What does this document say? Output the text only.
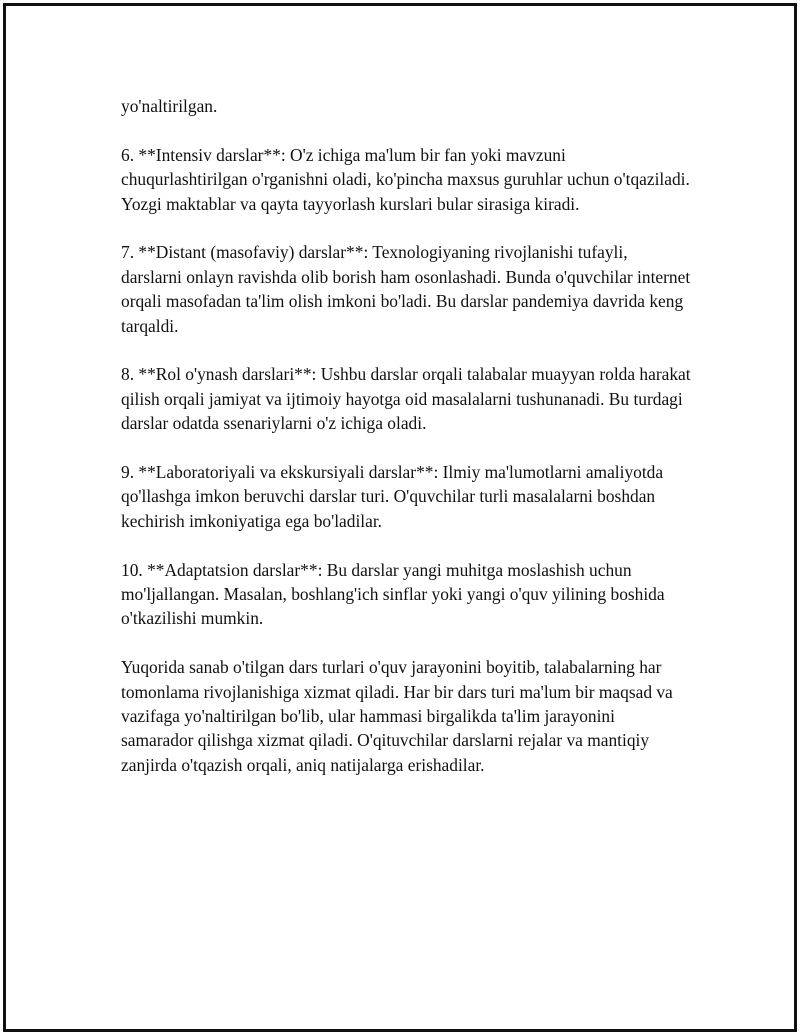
yo'naltirilgan.

6. **Intensiv darslar**: O'z ichiga ma'lum bir fan yoki mavzuni chuqurlashtirilgan o'rganishni oladi, ko'pincha maxsus guruhlar uchun o'tqaziladi. Yozgi maktablar va qayta tayyorlash kurslari bular sirasiga kiradi.

7. **Distant (masofaviy) darslar**: Texnologiyaning rivojlanishi tufayli, darslarni onlayn ravishda olib borish ham osonlashadi. Bunda o'quvchilar internet orqali masofadan ta'lim olish imkoni bo'ladi. Bu darslar pandemiya davrida keng tarqaldi.

8. **Rol o'ynash darslari**: Ushbu darslar orqali talabalar muayyan rolda harakat qilish orqali jamiyat va ijtimoiy hayotga oid masalalarni tushunanadi. Bu turdagi darslar odatda ssenariylarni o'z ichiga oladi.

9. **Laboratoriyali va ekskursiyali darslar**: Ilmiy ma'lumotlarni amaliyotda qo'llashga imkon beruvchi darslar turi. O'quvchilar turli masalalarni boshdan kechirish imkoniyatiga ega bo'ladilar.

10. **Adaptatsion darslar**: Bu darslar yangi muhitga moslashish uchun mo'ljallangan. Masalan, boshlang'ich sinflar yoki yangi o'quv yilining boshida o'tkazilishi mumkin.

Yuqorida sanab o'tilgan dars turlari o'quv jarayonini boyitib, talabalarning har tomonlama rivojlanishiga xizmat qiladi. Har bir dars turi ma'lum bir maqsad va vazifaga yo'naltirilgan bo'lib, ular hammasi birgalikda ta'lim jarayonini samarador qilishga xizmat qiladi. O'qituvchilar darslarni rejalar va mantiqiy zanjirda o'tqazish orqali, aniq natijalarga erishadilar.
